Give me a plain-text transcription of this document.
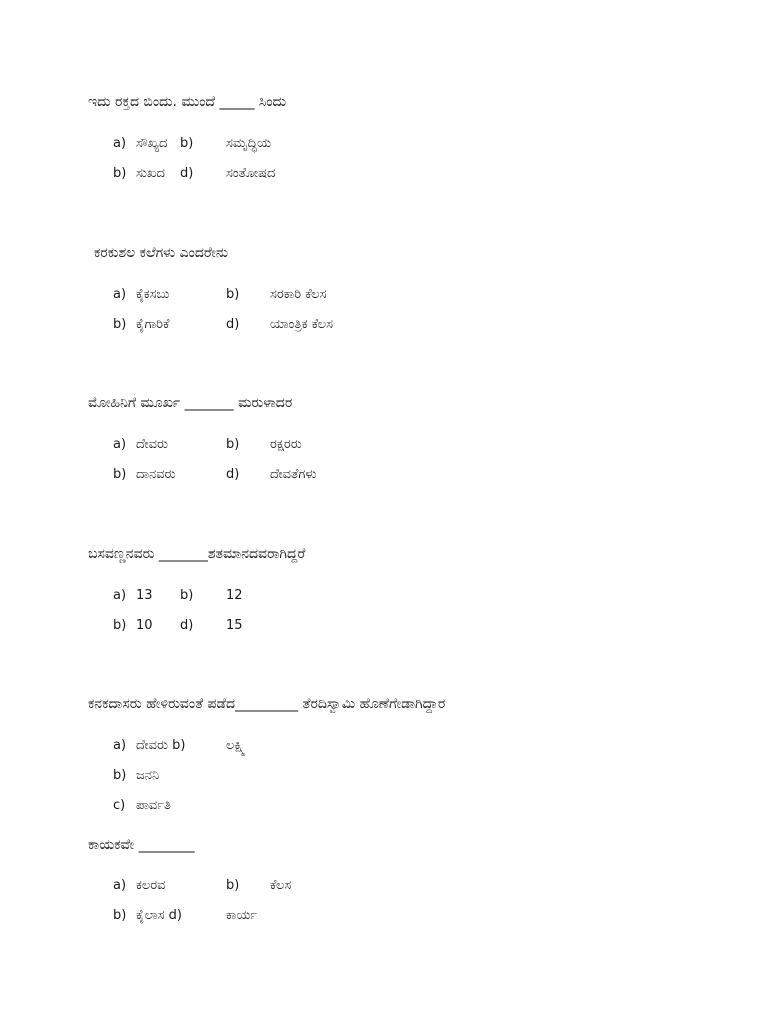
ಇದು ರಕ್ತದ ಬಿಂದು. ಮುಂದೆ _____ ಸಿಂದು
a) ಸೌಖ್ಯದ b)	ಸಮೃದ್ಧಿಯ
b) ಸುಖದ d)	ಸಂತೋಷದ
ಕರಕುಶಲ ಕಲೆಗಳು ಎಂದರೇನು
a) ಕೈಕಸಬು	b) ಸರಕಾರಿ ಕೆಲಸ
b) ಕೈಗಾರಿಕೆ	d) ಯಾಂತ್ರಿಕ ಕೆಲಸ
ಮೋಹಿನಿಗೆ ಮೂರ್ಖ _______ ಮರುಳಾದರ
a) ದೇವರು	b) ರಕ್ಷರರು
b) ದಾನವರು	d) ದೇವತೆಗಳು
ಬಸವಣ್ಣನವರು _______ಶತಮಾನದವರಾಗಿದ್ದರೆ
a) 13 b)	12
b) 10 d)	15
ಕನಕದಾಸರು ಹೇಳಿರುವಂತೆ ಪಡೆದ_________ ತೆರದಿಸ್ವಾಮಿ ಹೊಣೆಗೇಡಾಗಿದ್ದಾರ
a) ದೇವರು b)	ಲಕ್ಷ್ಮಿ
b) ಜನನಿ
c) ಪಾರ್ವತಿ
ಕಾಯಕವೇ ________
a) ಕಲರವ	b) ಕೆಲಸ
b) ಕೈಲಾಸ d)	ಕಾರ್ಯ
